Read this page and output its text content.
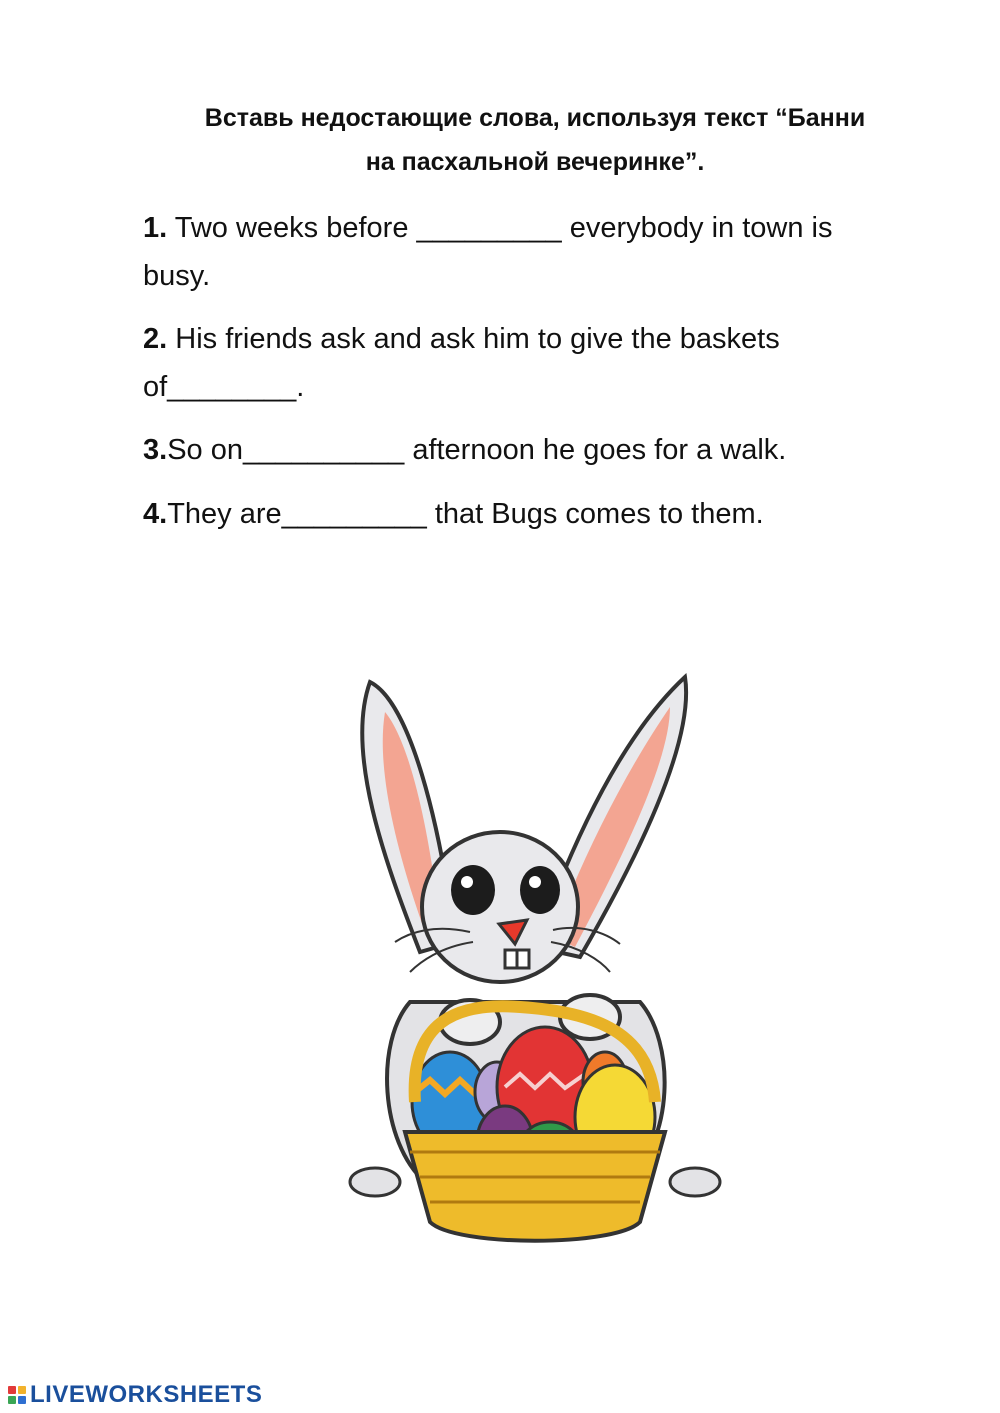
Вставь недостающие слова, используя текст “Банни
на пасхальной вечеринке”.
1. Two weeks before _________ everybody in town is
busy.
2. His friends ask and ask him to give the baskets
of________.
3.So on__________ afternoon he goes for a walk.
4.They are_________ that Bugs comes to them.
LIVEWORKSHEETS
